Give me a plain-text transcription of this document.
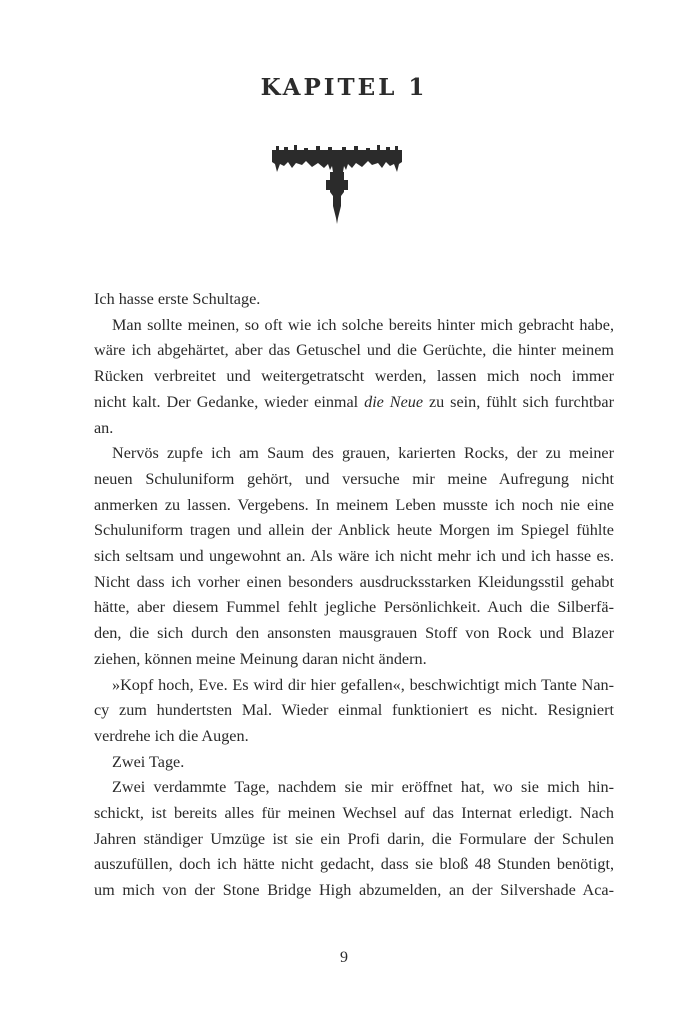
KAPITEL 1
Ich hasse erste Schultage.
Man sollte meinen, so oft wie ich solche bereits hinter mich gebracht habe,
wäre ich abgehärtet, aber das Getuschel und die Gerüchte, die hinter meinem
Rücken verbreitet und weitergetratscht werden, lassen mich noch immer
nicht kalt. Der Gedanke, wieder einmal die Neue zu sein, fühlt sich furchtbar
an.
Nervös zupfe ich am Saum des grauen, karierten Rocks, der zu meiner
neuen Schuluniform gehört, und versuche mir meine Aufregung nicht
anmerken zu lassen. Vergebens. In meinem Leben musste ich noch nie eine
Schuluniform tragen und allein der Anblick heute Morgen im Spiegel fühlte
sich seltsam und ungewohnt an. Als wäre ich nicht mehr ich und ich hasse es.
Nicht dass ich vorher einen besonders ausdrucksstarken Kleidungsstil gehabt
hätte, aber diesem Fummel fehlt jegliche Persönlichkeit. Auch die Silberfä-
den, die sich durch den ansonsten mausgrauen Stoff von Rock und Blazer
ziehen, können meine Meinung daran nicht ändern.
»Kopf hoch, Eve. Es wird dir hier gefallen«, beschwichtigt mich Tante Nan-
cy zum hundertsten Mal. Wieder einmal funktioniert es nicht. Resigniert
verdrehe ich die Augen.
Zwei Tage.
Zwei verdammte Tage, nachdem sie mir eröffnet hat, wo sie mich hin-
schickt, ist bereits alles für meinen Wechsel auf das Internat erledigt. Nach
Jahren ständiger Umzüge ist sie ein Profi darin, die Formulare der Schulen
auszufüllen, doch ich hätte nicht gedacht, dass sie bloß 48 Stunden benötigt,
um mich von der Stone Bridge High abzumelden, an der Silvershade Aca-
9
